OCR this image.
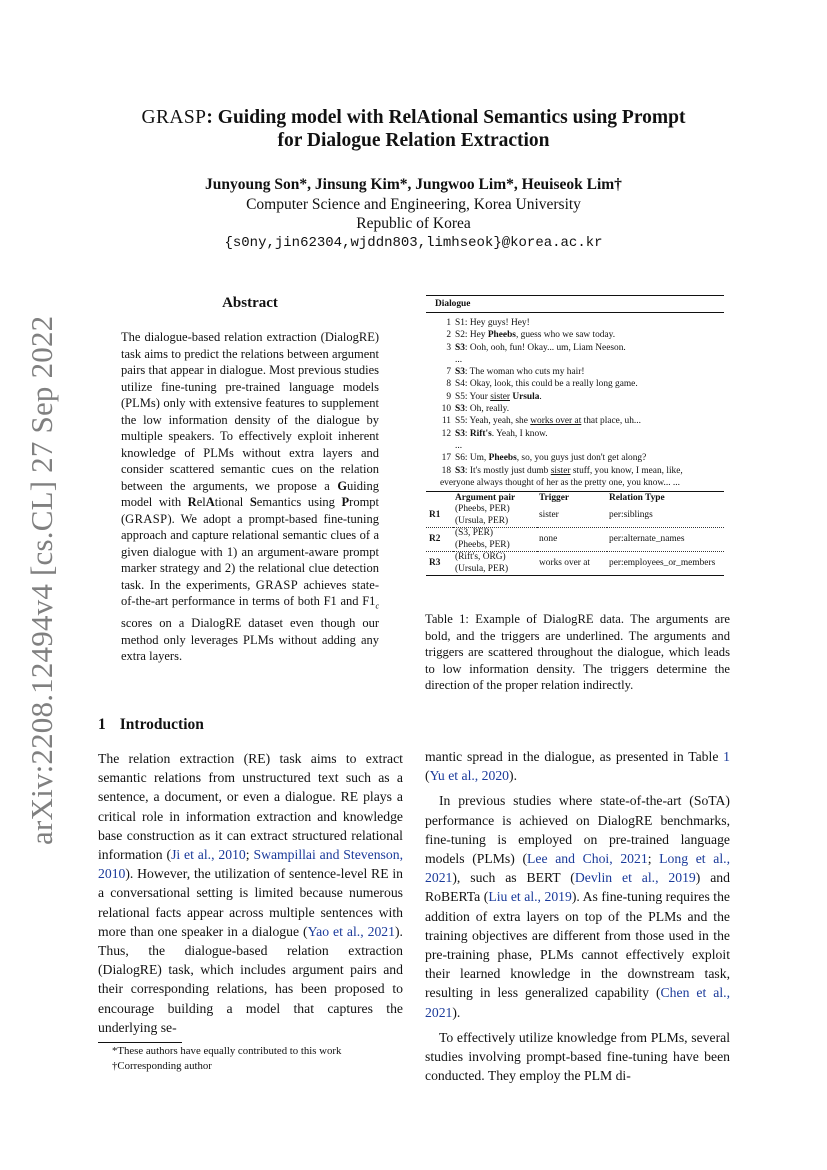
arXiv:2208.12494v4 [cs.CL] 27 Sep 2022
GRASP: Guiding model with RelAtional Semantics using Prompt
for Dialogue Relation Extraction
Junyoung Son*, Jinsung Kim*, Jungwoo Lim*, Heuiseok Lim†
Computer Science and Engineering, Korea University
Republic of Korea
{s0ny,jin62304,wjddn803,limhseok}@korea.ac.kr
Abstract
The dialogue-based relation extraction (DialogRE) task aims to predict the relations between argument pairs that appear in dialogue. Most previous studies utilize fine-tuning pre-trained language models (PLMs) only with extensive features to supplement the low information density of the dialogue by multiple speakers. To effectively exploit inherent knowledge of PLMs without extra layers and consider scattered semantic cues on the relation between the arguments, we propose a Guiding model with RelAtional Semantics using Prompt (GRASP). We adopt a prompt-based fine-tuning approach and capture relational semantic clues of a given dialogue with 1) an argument-aware prompt marker strategy and 2) the relational clue detection task. In the experiments, GRASP achieves state-of-the-art performance in terms of both F1 and $F1_c$ scores on a DialogRE dataset even though our method only leverages PLMs without adding any extra layers.
1 Introduction
The relation extraction (RE) task aims to extract semantic relations from unstructured text such as a sentence, a document, or even a dialogue. RE plays a critical role in information extraction and knowledge base construction as it can extract structured relational information (Ji et al., 2010; Swampillai and Stevenson, 2010). However, the utilization of sentence-level RE in a conversational setting is limited because numerous relational facts appear across multiple sentences with more than one speaker in a dialogue (Yao et al., 2021). Thus, the dialogue-based relation extraction (DialogRE) task, which includes argument pairs and their corresponding relations, has been proposed to encourage building a model that captures the underlying se-
*These authors have equally contributed to this work
†Corresponding author
Dialogue
1 S1: Hey guys! Hey!
2 S2: Hey Pheebs, guess who we saw today.
3 S3: Ooh, ooh, fun! Okay... um, Liam Neeson.
...
7 S3: The woman who cuts my hair!
8 S4: Okay, look, this could be a really long game.
9 S5: Your sister Ursula.
10 S3: Oh, really.
11 S5: Yeah, yeah, she works over at that place, uh...
12 S3: Rift's. Yeah, I know.
...
17 S6: Um, Pheebs, so, you guys just don't get along?
18 S3: It's mostly just dumb sister stuff, you know, I mean, like,
everyone always thought of her as the pretty one, you know... ...
	Argument pair	Trigger	Relation Type
R1	(Pheebs, PER)
(Ursula, PER)	sister	per:siblings
R2	(S3, PER)
(Pheebs, PER)	none	per:alternate_names
R3	(Rift's, ORG)
(Ursula, PER)	works over at	per:employees_or_members
Table 1: Example of DialogRE data. The arguments are bold, and the triggers are underlined. The arguments and triggers are scattered throughout the dialogue, which leads to low information density. The triggers determine the direction of the proper relation indirectly.

mantic spread in the dialogue, as presented in Table 1 (Yu et al., 2020).

In previous studies where state-of-the-art (SoTA) performance is achieved on DialogRE benchmarks, fine-tuning is employed on pre-trained language models (PLMs) (Lee and Choi, 2021; Long et al., 2021), such as BERT (Devlin et al., 2019) and RoBERTa (Liu et al., 2019). As fine-tuning requires the addition of extra layers on top of the PLMs and the training objectives are different from those used in the pre-training phase, PLMs cannot effectively exploit their learned knowledge in the downstream task, resulting in less generalized capability (Chen et al., 2021).

To effectively utilize knowledge from PLMs, several studies involving prompt-based fine-tuning have been conducted. They employ the PLM di-
